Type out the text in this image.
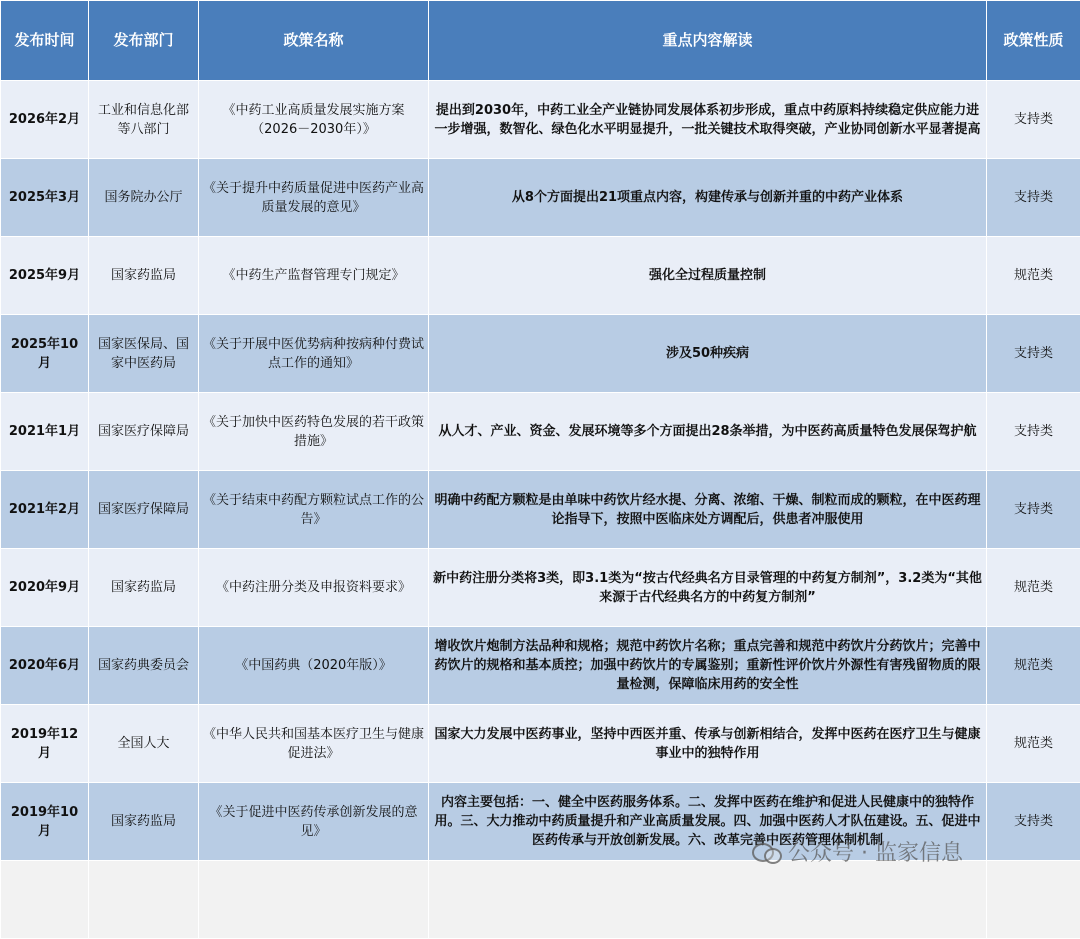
发布时间	发布部门	政策名称	重点内容解读	政策性质
2026年2月	工业和信息化部等八部门	《中药工业高质量发展实施方案（2026－2030年）》	提出到2030年，中药工业全产业链协同发展体系初步形成，重点中药原料持续稳定供应能力进一步增强，数智化、绿色化水平明显提升，一批关键技术取得突破，产业协同创新水平显著提高	支持类
2025年3月	国务院办公厅	《关于提升中药质量促进中医药产业高质量发展的意见》	从8个方面提出21项重点内容，构建传承与创新并重的中药产业体系	支持类
2025年9月	国家药监局	《中药生产监督管理专门规定》	强化全过程质量控制	规范类
2025年10月	国家医保局、国家中医药局	《关于开展中医优势病种按病种付费试点工作的通知》	涉及50种疾病	支持类
2021年1月	国家医疗保障局	《关于加快中医药特色发展的若干政策措施》	从人才、产业、资金、发展环境等多个方面提出28条举措，为中医药高质量特色发展保驾护航	支持类
2021年2月	国家医疗保障局	《关于结束中药配方颗粒试点工作的公告》	明确中药配方颗粒是由单味中药饮片经水提、分离、浓缩、干燥、制粒而成的颗粒，在中医药理论指导下，按照中医临床处方调配后，供患者冲服使用	支持类
2020年9月	国家药监局	《中药注册分类及申报资料要求》	新中药注册分类将3类，即3.1类为“按古代经典名方目录管理的中药复方制剂”，3.2类为“其他来源于古代经典名方的中药复方制剂”	规范类
2020年6月	国家药典委员会	《中国药典（2020年版）》	增收饮片炮制方法品种和规格；规范中药饮片名称；重点完善和规范中药饮片分药饮片；完善中药饮片的规格和基本质控；加强中药饮片的专属鉴别；重新性评价饮片外源性有害残留物质的限量检测，保障临床用药的安全性	规范类
2019年12月	全国人大	《中华人民共和国基本医疗卫生与健康促进法》	国家大力发展中医药事业，坚持中西医并重、传承与创新相结合，发挥中医药在医疗卫生与健康事业中的独特作用	规范类
2019年10月	国家药监局	《关于促进中医药传承创新发展的意见》	内容主要包括：一、健全中医药服务体系。二、发挥中医药在维护和促进人民健康中的独特作用。三、大力推动中药质量提升和产业高质量发展。四、加强中医药人才队伍建设。五、促进中医药传承与开放创新发展。六、改革完善中医药管理体制机制	支持类

公众号 · 监家信息
